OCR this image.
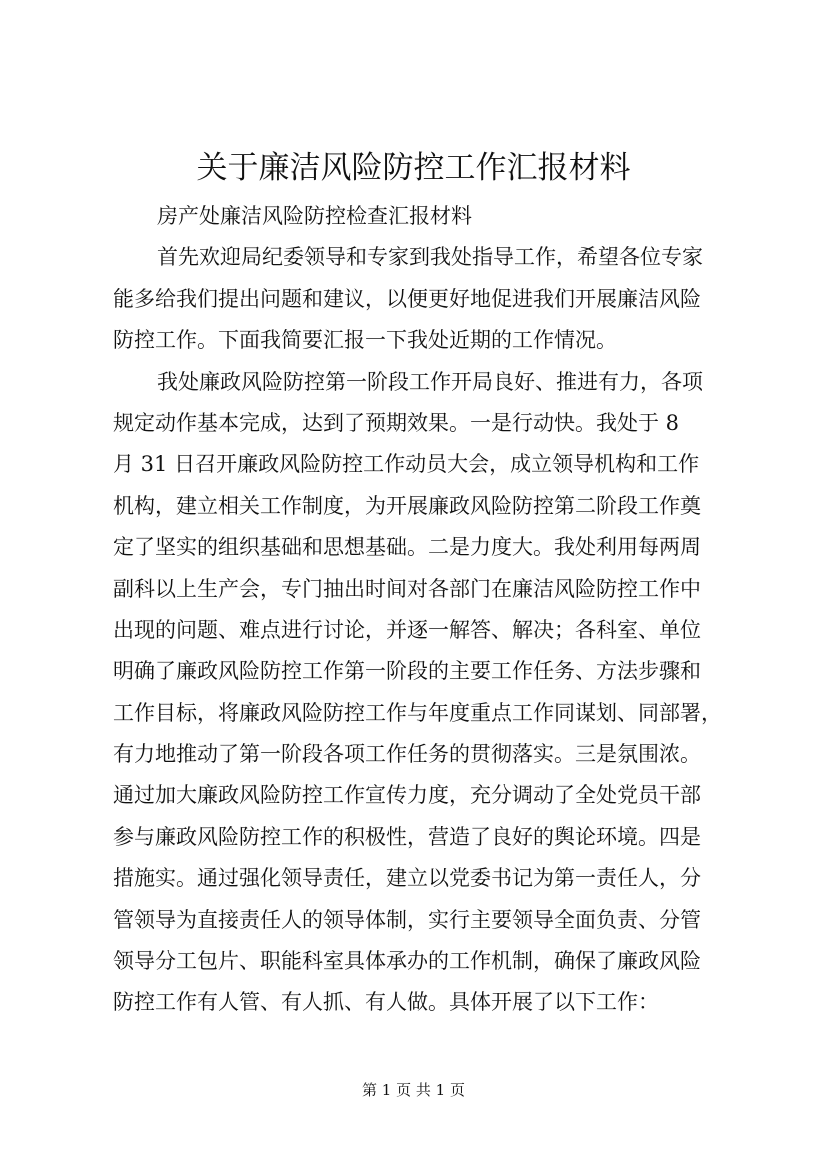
关于廉洁风险防控工作汇报材料
房产处廉洁风险防控检查汇报材料
首先欢迎局纪委领导和专家到我处指导工作，希望各位专家
能多给我们提出问题和建议，以便更好地促进我们开展廉洁风险
防控工作。下面我简要汇报一下我处近期的工作情况。
我处廉政风险防控第一阶段工作开局良好、推进有力，各项
规定动作基本完成，达到了预期效果。一是行动快。我处于 8
月 31 日召开廉政风险防控工作动员大会，成立领导机构和工作
机构，建立相关工作制度，为开展廉政风险防控第二阶段工作奠
定了坚实的组织基础和思想基础。二是力度大。我处利用每两周
副科以上生产会，专门抽出时间对各部门在廉洁风险防控工作中
出现的问题、难点进行讨论，并逐一解答、解决；各科室、单位
明确了廉政风险防控工作第一阶段的主要工作任务、方法步骤和
工作目标，将廉政风险防控工作与年度重点工作同谋划、同部署，
有力地推动了第一阶段各项工作任务的贯彻落实。三是氛围浓。
通过加大廉政风险防控工作宣传力度，充分调动了全处党员干部
参与廉政风险防控工作的积极性，营造了良好的舆论环境。四是
措施实。通过强化领导责任，建立以党委书记为第一责任人，分
管领导为直接责任人的领导体制，实行主要领导全面负责、分管
领导分工包片、职能科室具体承办的工作机制，确保了廉政风险
防控工作有人管、有人抓、有人做。具体开展了以下工作：
第 1 页 共 1 页
